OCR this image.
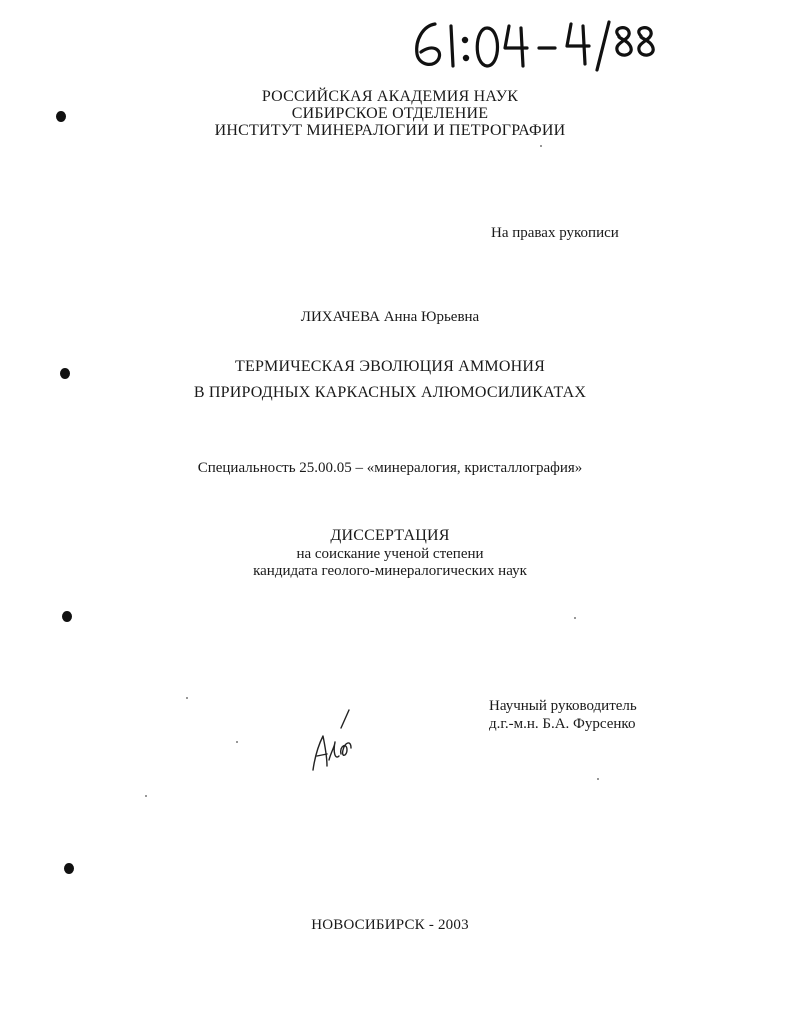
РОССИЙСКАЯ АКАДЕМИЯ НАУК
СИБИРСКОЕ ОТДЕЛЕНИЕ
ИНСТИТУТ МИНЕРАЛОГИИ И ПЕТРОГРАФИИ
На правах рукописи
ЛИХАЧЕВА Анна Юрьевна
ТЕРМИЧЕСКАЯ ЭВОЛЮЦИЯ АММОНИЯ
В ПРИРОДНЫХ КАРКАСНЫХ АЛЮМОСИЛИКАТАХ
Специальность 25.00.05 – «минералогия, кристаллография»
ДИССЕРТАЦИЯ
на соискание ученой степени
кандидата геолого-минералогических наук
Научный руководитель
д.г.-м.н. Б.А. Фурсенко
НОВОСИБИРСК - 2003
